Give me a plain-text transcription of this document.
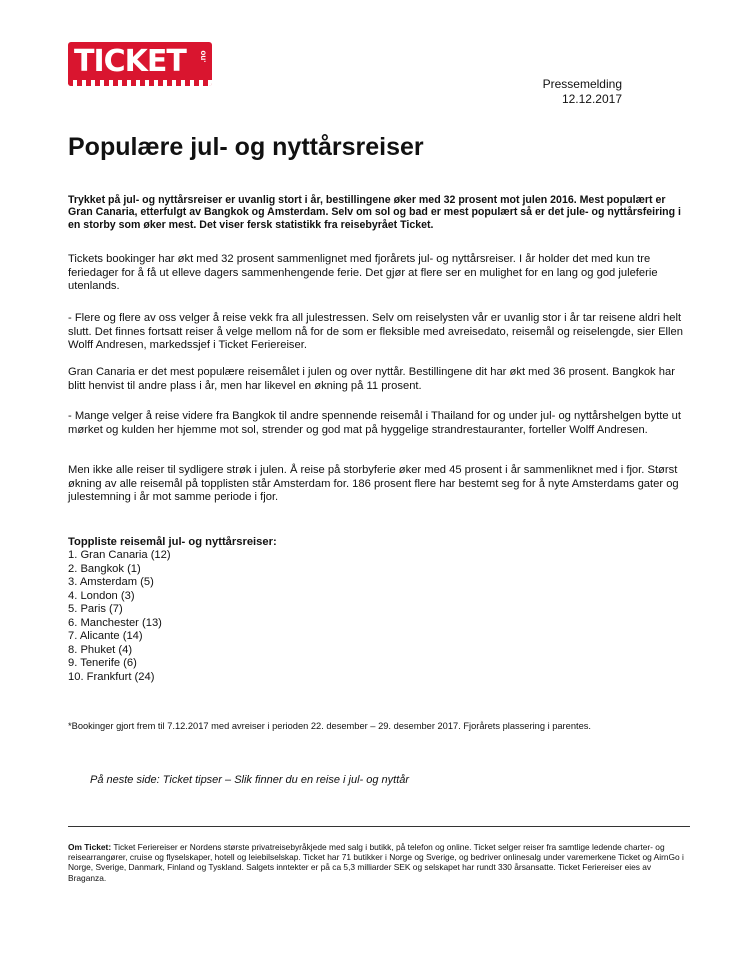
TICKET .no
Pressemelding
12.12.2017
Populære jul- og nyttårsreiser

Trykket på jul- og nyttårsreiser er uvanlig stort i år, bestillingene øker med 32 prosent mot julen 2016. Mest populært er Gran Canaria, etterfulgt av Bangkok og Amsterdam. Selv om sol og bad er mest populært så er det jule- og nyttårsfeiring i en storby som øker mest. Det viser fersk statistikk fra reisebyrået Ticket.

Tickets bookinger har økt med 32 prosent sammenlignet med fjorårets jul- og nyttårsreiser. I år holder det med kun tre feriedager for å få ut elleve dagers sammenhengende ferie. Det gjør at flere ser en mulighet for en lang og god juleferie utenlands.

- Flere og flere av oss velger å reise vekk fra all julestressen. Selv om reiselysten vår er uvanlig stor i år tar reisene aldri helt slutt. Det finnes fortsatt reiser å velge mellom nå for de som er fleksible med avreisedato, reisemål og reiselengde, sier Ellen Wolff Andresen, markedssjef i Ticket Feriereiser.

Gran Canaria er det mest populære reisemålet i julen og over nyttår. Bestillingene dit har økt med 36 prosent. Bangkok har blitt henvist til andre plass i år, men har likevel en økning på 11 prosent.

- Mange velger å reise videre fra Bangkok til andre spennende reisemål i Thailand for og under jul- og nyttårshelgen bytte ut mørket og kulden her hjemme mot sol, strender og god mat på hyggelige strandrestauranter, forteller Wolff Andresen.

Men ikke alle reiser til sydligere strøk i julen. Å reise på storbyferie øker med 45 prosent i år sammenliknet med i fjor. Størst økning av alle reisemål på topplisten står Amsterdam for. 186 prosent flere har bestemt seg for å nyte Amsterdams gater og julestemning i år mot samme periode i fjor.

Toppliste reisemål jul- og nyttårsreiser:

1. Gran Canaria (12)
2. Bangkok (1)
3. Amsterdam (5)
4. London (3)
5. Paris (7)
6. Manchester (13)
7. Alicante (14)
8. Phuket (4)
9. Tenerife (6)
10. Frankfurt (24)

*Bookinger gjort frem til 7.12.2017 med avreiser i perioden 22. desember – 29. desember 2017. Fjorårets plassering i parentes.

På neste side: Ticket tipser – Slik finner du en reise i jul- og nyttår

Om Ticket: Ticket Feriereiser er Nordens største privatreisebyråkjede med salg i butikk, på telefon og online. Ticket selger reiser fra samtlige ledende charter- og reisearrangører, cruise og flyselskaper, hotell og leiebilselskap. Ticket har 71 butikker i Norge og Sverige, og bedriver onlinesalg under varemerkene Ticket og AirnGo i Norge, Sverige, Danmark, Finland og Tyskland. Salgets inntekter er på ca 5,3 milliarder SEK og selskapet har rundt 330 årsansatte. Ticket Feriereiser eies av Braganza.
